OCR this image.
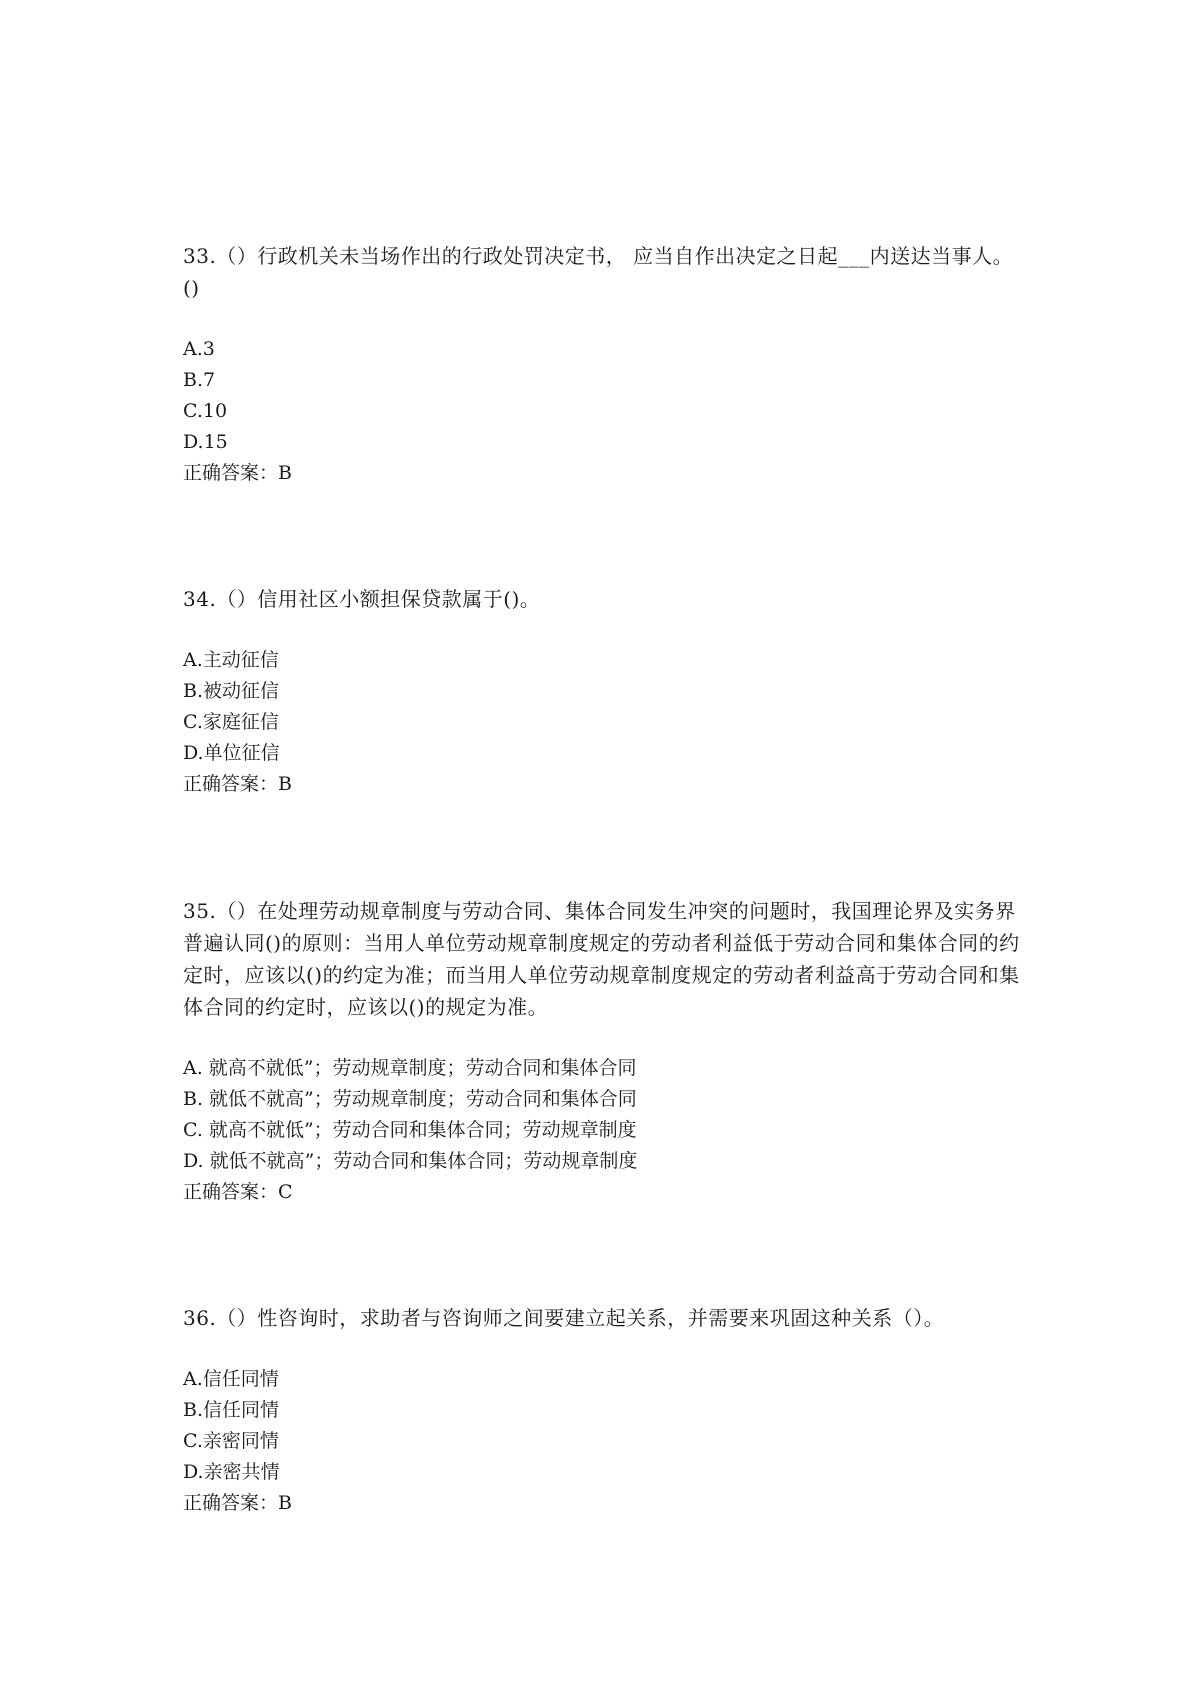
33.（）行政机关未当场作出的行政处罚决定书， 应当自作出决定之日起___内送达当事人。 ()

A.3

B.7

C.10

D.15

正确答案：B

34.（）信用社区小额担保贷款属于()。

A.主动征信

B.被动征信

C.家庭征信

D.单位征信

正确答案：B

35.（）在处理劳动规章制度与劳动合同、集体合同发生冲突的问题时，我国理论界及实务界普遍认同()的原则：当用人单位劳动规章制度规定的劳动者利益低于劳动合同和集体合同的约定时，应该以()的约定为准；而当用人单位劳动规章制度规定的劳动者利益高于劳动合同和集体合同的约定时，应该以()的规定为准。

A. 就高不就低”；劳动规章制度；劳动合同和集体合同

B. 就低不就高”；劳动规章制度；劳动合同和集体合同

C. 就高不就低”；劳动合同和集体合同；劳动规章制度

D. 就低不就高”；劳动合同和集体合同；劳动规章制度

正确答案：C

36.（）性咨询时，求助者与咨询师之间要建立起关系，并需要来巩固这种关系（）。

A.信任同情

B.信任同情

C.亲密同情

D.亲密共情

正确答案：B
